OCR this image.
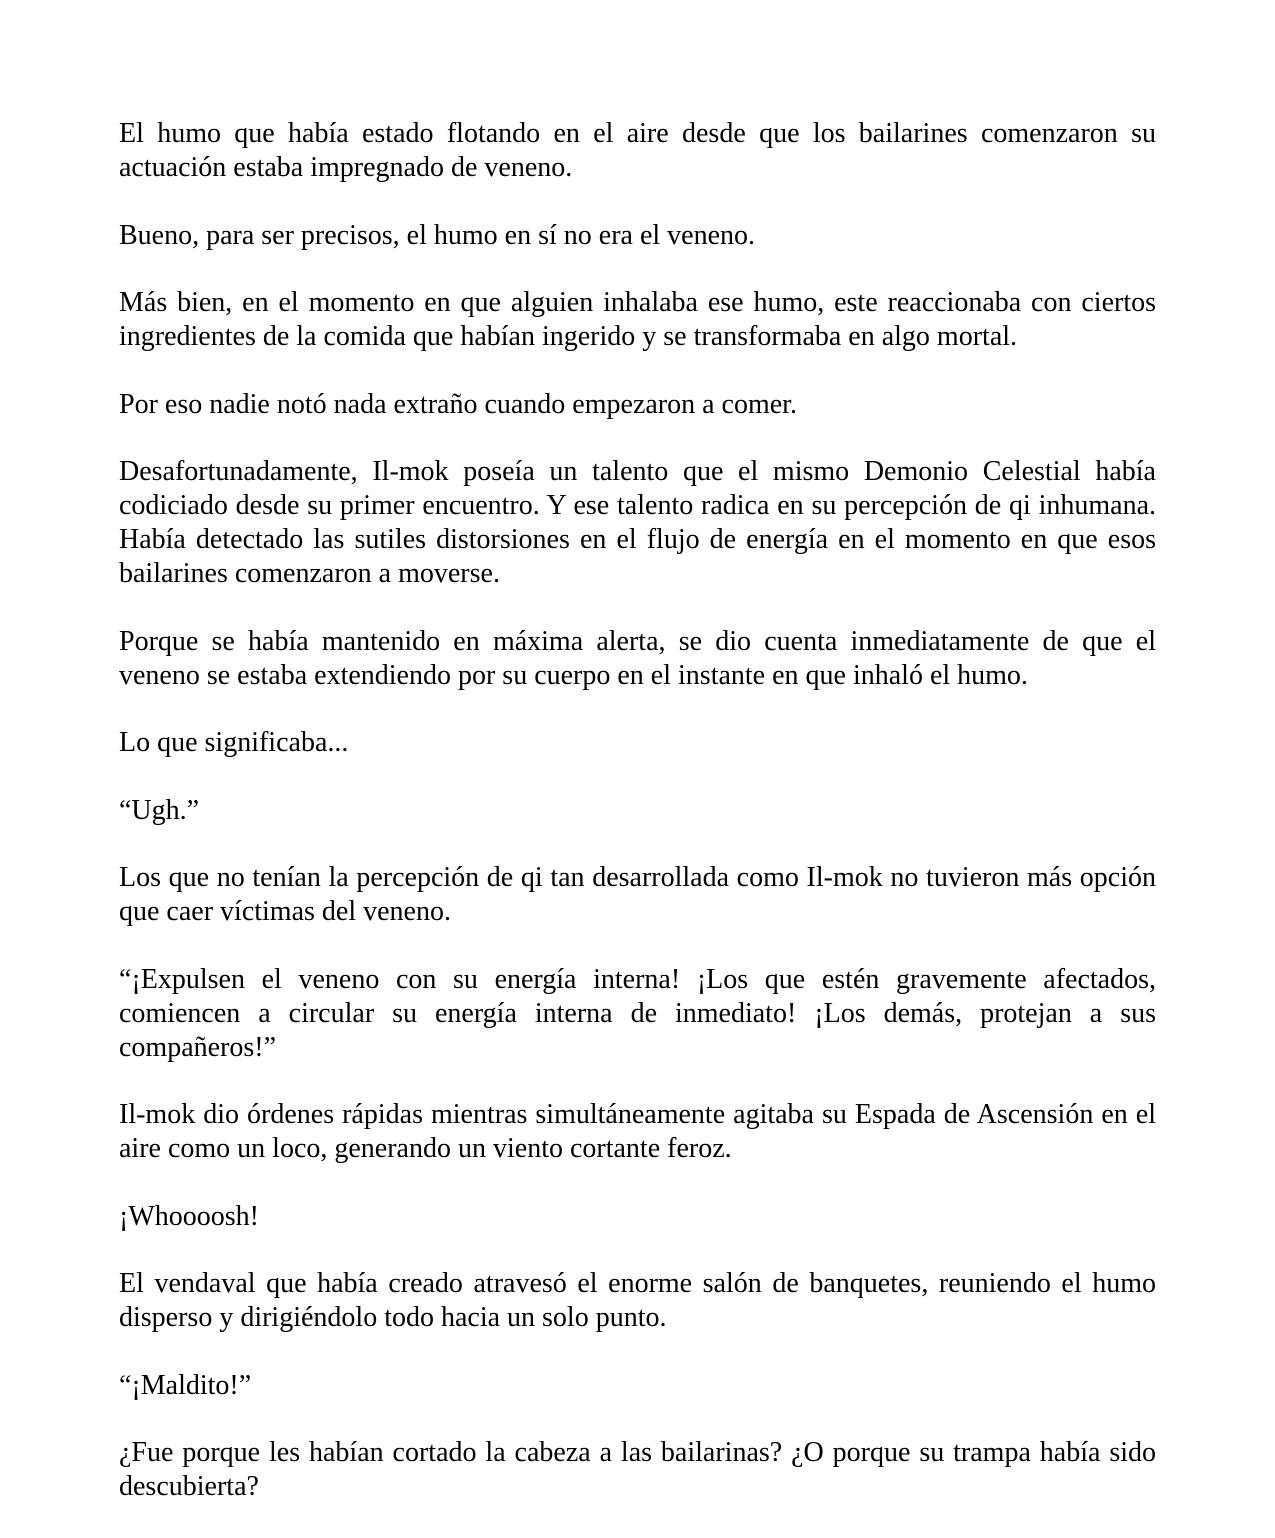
El humo que había estado flotando en el aire desde que los bailarines comenzaron su actuación estaba impregnado de veneno.

Bueno, para ser precisos, el humo en sí no era el veneno.

Más bien, en el momento en que alguien inhalaba ese humo, este reaccionaba con ciertos ingredientes de la comida que habían ingerido y se transformaba en algo mortal.

Por eso nadie notó nada extraño cuando empezaron a comer.

Desafortunadamente, Il-mok poseía un talento que el mismo Demonio Celestial había codiciado desde su primer encuentro. Y ese talento radica en su percepción de qi inhumana. Había detectado las sutiles distorsiones en el flujo de energía en el momento en que esos bailarines comenzaron a moverse.

Porque se había mantenido en máxima alerta, se dio cuenta inmediatamente de que el veneno se estaba extendiendo por su cuerpo en el instante en que inhaló el humo.

Lo que significaba...

“Ugh.”

Los que no tenían la percepción de qi tan desarrollada como Il-mok no tuvieron más opción que caer víctimas del veneno.

“¡Expulsen el veneno con su energía interna! ¡Los que estén gravemente afectados, comiencen a circular su energía interna de inmediato! ¡Los demás, protejan a sus compañeros!”

Il-mok dio órdenes rápidas mientras simultáneamente agitaba su Espada de Ascensión en el aire como un loco, generando un viento cortante feroz.

¡Whoooosh!

El vendaval que había creado atravesó el enorme salón de banquetes, reuniendo el humo disperso y dirigiéndolo todo hacia un solo punto.

“¡Maldito!”

¿Fue porque les habían cortado la cabeza a las bailarinas? ¿O porque su trampa había sido descubierta?
